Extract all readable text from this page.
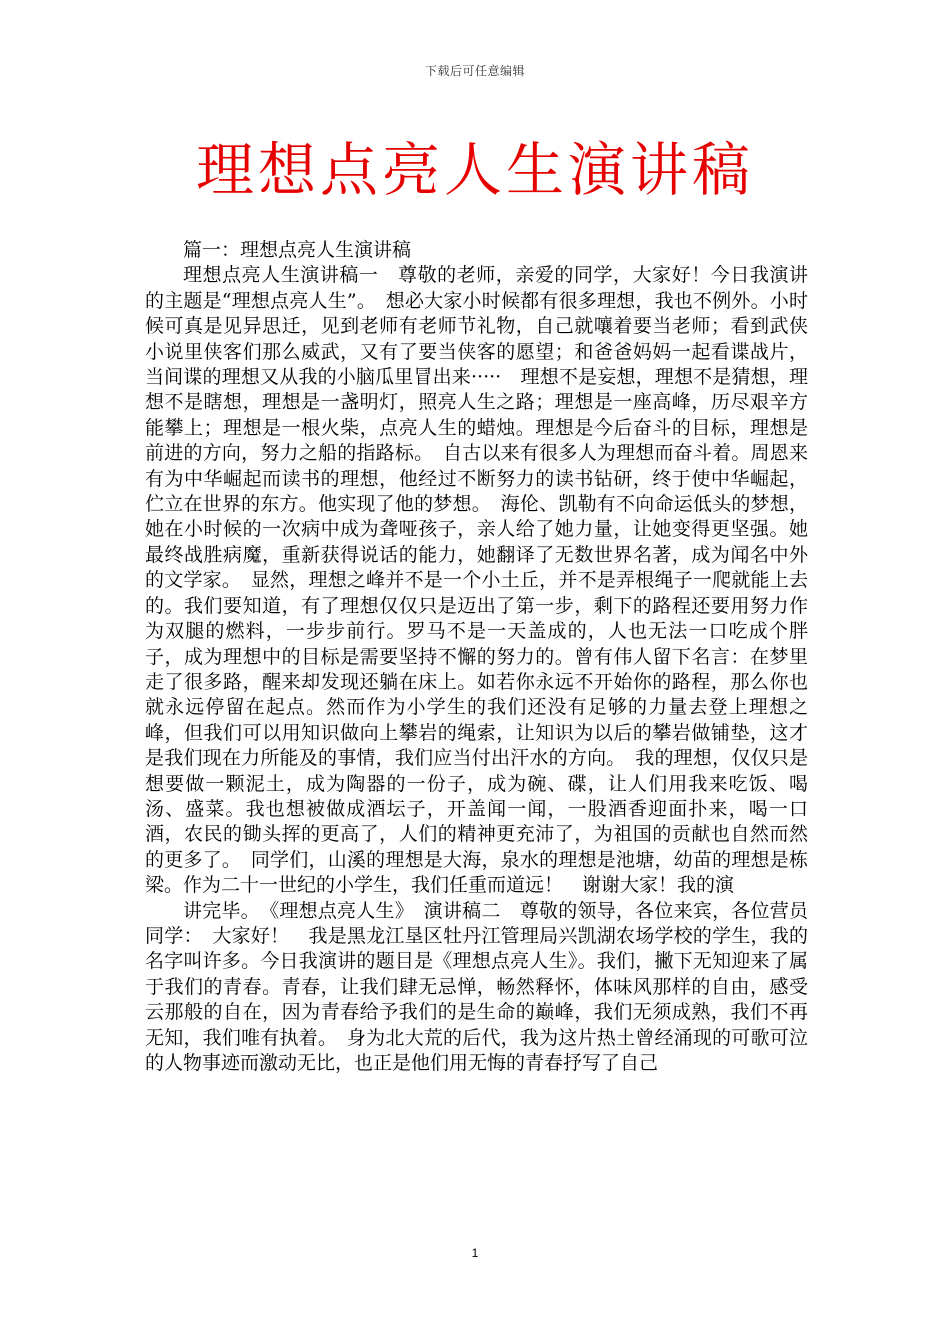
下载后可任意编辑
理想点亮人生演讲稿

篇一：理想点亮人生演讲稿

理想点亮人生演讲稿一　尊敬的老师，亲爱的同学，大家好！今日我演讲的主题是“理想点亮人生”。　想必大家小时候都有很多理想，我也不例外。小时候可真是见异思迁，见到老师有老师节礼物，自己就嚷着要当老师；看到武侠小说里侠客们那么威武，又有了要当侠客的愿望；和爸爸妈妈一起看谍战片，当间谍的理想又从我的小脑瓜里冒出来·····　理想不是妄想，理想不是猜想，理想不是瞎想，理想是一盏明灯，照亮人生之路；理想是一座高峰，历尽艰辛方能攀上；理想是一根火柴，点亮人生的蜡烛。理想是今后奋斗的目标，理想是前进的方向，努力之船的指路标。　自古以来有很多人为理想而奋斗着。周恩来有为中华崛起而读书的理想，他经过不断努力的读书钻研，终于使中华崛起，伫立在世界的东方。他实现了他的梦想。　海伦、凯勒有不向命运低头的梦想，她在小时候的一次病中成为聋哑孩子，亲人给了她力量，让她变得更坚强。她最终战胜病魔，重新获得说话的能力，她翻译了无数世界名著，成为闻名中外的文学家。　显然，理想之峰并不是一个小土丘，并不是弄根绳子一爬就能上去的。我们要知道，有了理想仅仅只是迈出了第一步，剩下的路程还要用努力作为双腿的燃料，一步步前行。罗马不是一天盖成的，人也无法一口吃成个胖子，成为理想中的目标是需要坚持不懈的努力的。曾有伟人留下名言：在梦里走了很多路，醒来却发现还躺在床上。如若你永远不开始你的路程，那么你也就永远停留在起点。然而作为小学生的我们还没有足够的力量去登上理想之峰，但我们可以用知识做向上攀岩的绳索，让知识为以后的攀岩做铺垫，这才是我们现在力所能及的事情，我们应当付出汗水的方向。　我的理想，仅仅只是想要做一颗泥土，成为陶器的一份子，成为碗、碟，让人们用我来吃饭、喝汤、盛菜。我也想被做成酒坛子，开盖闻一闻，一股酒香迎面扑来，喝一口酒，农民的锄头挥的更高了，人们的精神更充沛了，为祖国的贡献也自然而然的更多了。　同学们，山溪的理想是大海，泉水的理想是池塘，幼苗的理想是栋梁。作为二十一世纪的小学生，我们任重而道远！　谢谢大家！我的演

讲完毕。　《理想点亮人生》　演讲稿二　尊敬的领导，各位来宾，各位营员同学：　大家好！　我是黑龙江垦区牡丹江管理局兴凯湖农场学校的学生，我的名字叫许多。今日我演讲的题目是《理想点亮人生》。我们，撇下无知迎来了属于我们的青春。青春，让我们肆无忌惮，畅然释怀，体味风那样的自由，感受云那般的自在，因为青春给予我们的是生命的巅峰，我们无须成熟，我们不再无知，我们唯有执着。　身为北大荒的后代，我为这片热土曾经涌现的可歌可泣的人物事迹而激动无比，也正是他们用无悔的青春抒写了自己

1
